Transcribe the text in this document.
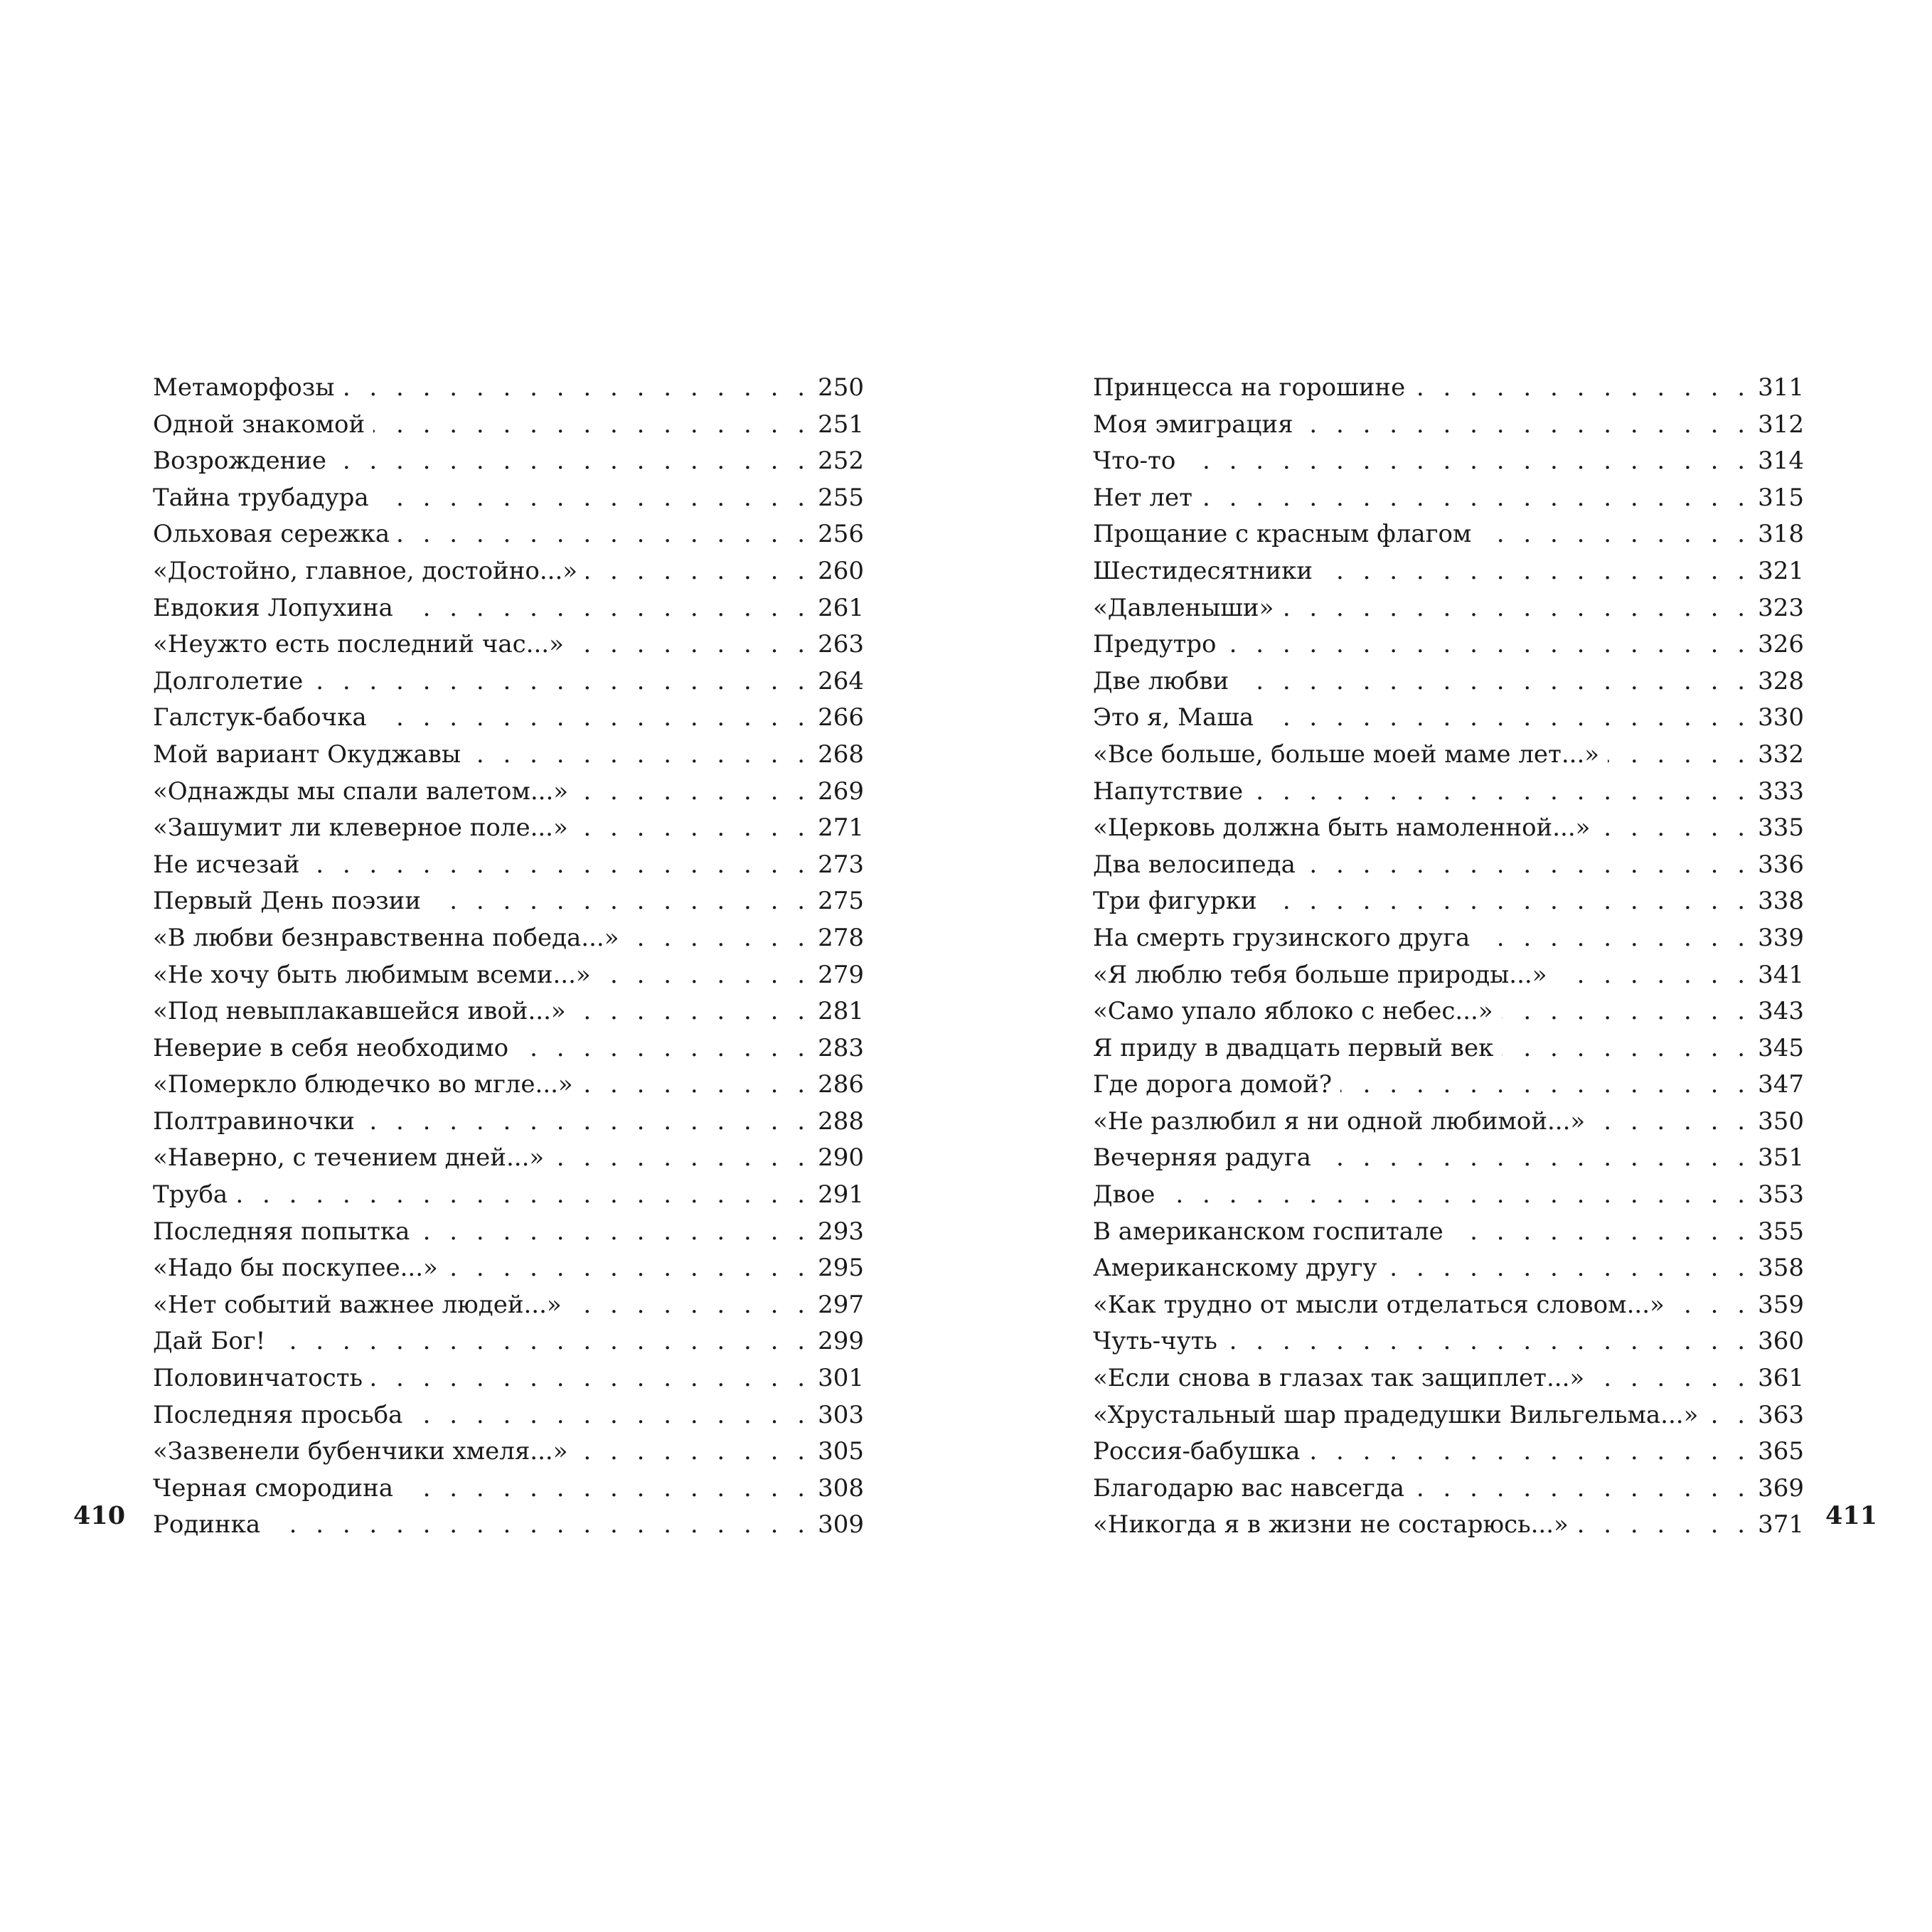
Метаморфозы . . .	250
Одной знакомой . . .	251
Возрождение . . .	252
Тайна трубадура . . .	255
Ольховая сережка . . .	256
«Достойно, главное, достойно...» . . .	260
Евдокия Лопухина . . .	261
«Неужто есть последний час...» . . .	263
Долголетие . . .	264
Галстук-бабочка . . .	266
Мой вариант Окуджавы . . .	268
«Однажды мы спали валетом...» . . .	269
«Зашумит ли клеверное поле...» . . .	271
Не исчезай . . .	273
Первый День поэзии . . .	275
«В любви безнравственна победа...» . . .	278
«Не хочу быть любимым всеми...» . . .	279
«Под невыплакавшейся ивой...» . . .	281
Неверие в себя необходимо . . .	283
«Померкло блюдечко во мгле...» . . .	286
Полтравиночки . . .	288
«Наверно, с течением дней...» . . .	290
Труба . . .	291
Последняя попытка . . .	293
«Надо бы поскупее...» . . .	295
«Нет событий важнее людей...» . . .	297
Дай Бог! . . .	299
Половинчатость . . .	301
Последняя просьба . . .	303
«Зазвенели бубенчики хмеля...» . . .	305
Черная смородина . . .	308
Родинка . . .	309
Принцесса на горошине . . .	311
Моя эмиграция . . .	312
Что-то . . .	314
Нет лет . . .	315
Прощание с красным флагом . . .	318
Шестидесятники . . .	321
«Давленыши» . . .	323
Предутро . . .	326
Две любви . . .	328
Это я, Маша . . .	330
«Все больше, больше моей маме лет...» . . .	332
Напутствие . . .	333
«Церковь должна быть намоленной...» . . .	335
Два велосипеда . . .	336
Три фигурки . . .	338
На смерть грузинского друга . . .	339
«Я люблю тебя больше природы...» . . .	341
«Само упало яблоко с небес...» . . .	343
Я приду в двадцать первый век . . .	345
Где дорога домой? . . .	347
«Не разлюбил я ни одной любимой...» . . .	350
Вечерняя радуга . . .	351
Двое . . .	353
В американском госпитале . . .	355
Американскому другу . . .	358
«Как трудно от мысли отделаться словом...» . . .	359
Чуть-чуть . . .	360
«Если снова в глазах так защиплет...» . . .	361
«Хрустальный шар прадедушки Вильгельма...» . . .	363
Россия-бабушка . . .	365
Благодарю вас навсегда . . .	369
«Никогда я в жизни не состарюсь...» . . .	371
410	411
